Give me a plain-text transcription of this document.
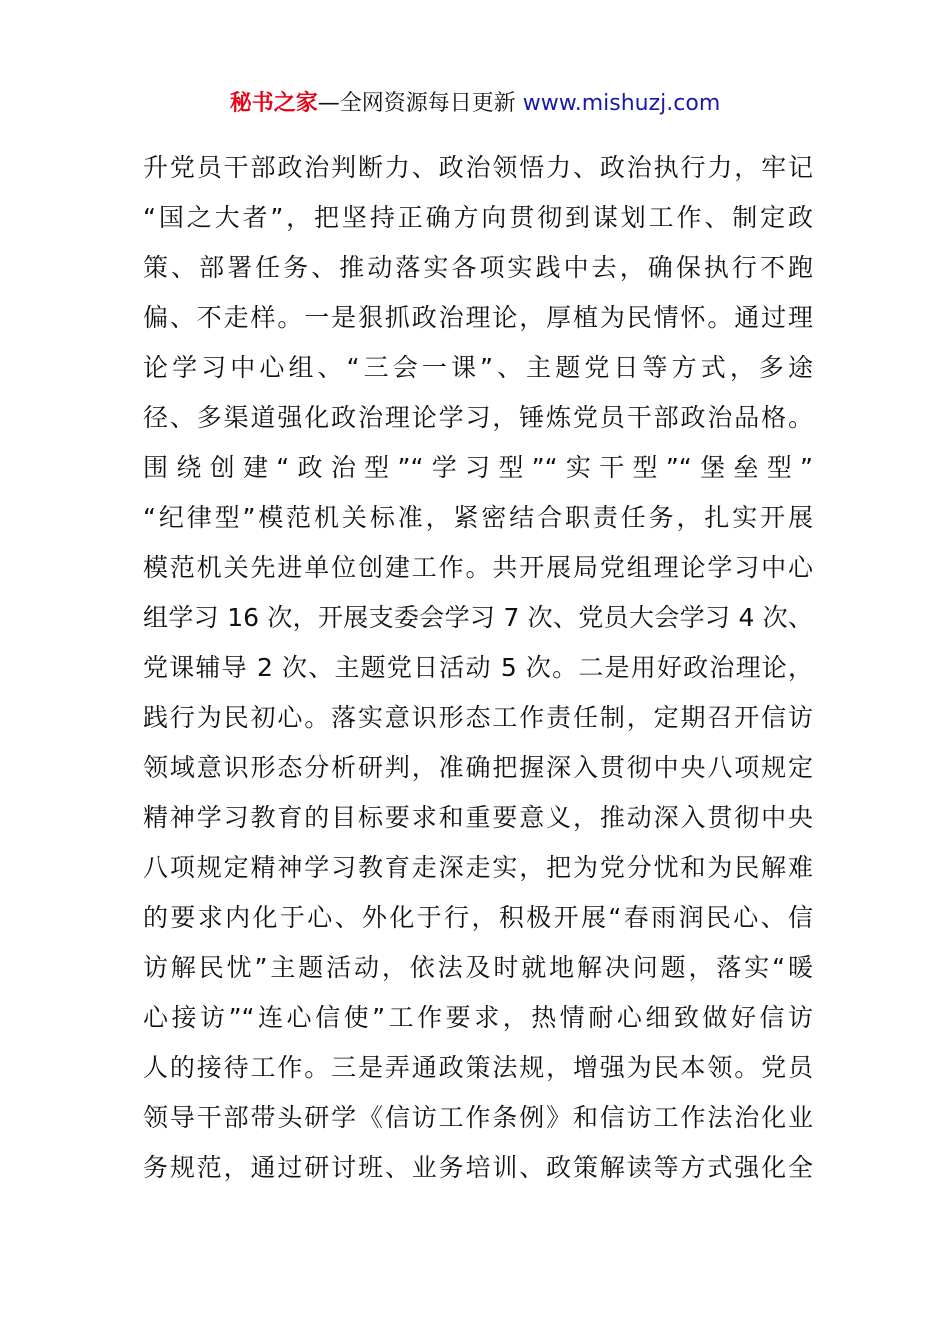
秘书之家—全网资源每日更新 www.mishuzj.com
升党员干部政治判断力、政治领悟力、政治执行力，牢记
“国之大者”，把坚持正确方向贯彻到谋划工作、制定政
策、部署任务、推动落实各项实践中去，确保执行不跑
偏、不走样。一是狠抓政治理论，厚植为民情怀。通过理
论学习中心组、“三会一课”、主题党日等方式，多途
径、多渠道强化政治理论学习，锤炼党员干部政治品格。
围绕创建“政治型”“学习型”“实干型”“堡垒型”
“纪律型”模范机关标准，紧密结合职责任务，扎实开展
模范机关先进单位创建工作。共开展局党组理论学习中心
组学习 16 次，开展支委会学习 7 次、党员大会学习 4 次、
党课辅导 2 次、主题党日活动 5 次。二是用好政治理论，
践行为民初心。落实意识形态工作责任制，定期召开信访
领域意识形态分析研判，准确把握深入贯彻中央八项规定
精神学习教育的目标要求和重要意义，推动深入贯彻中央
八项规定精神学习教育走深走实，把为党分忧和为民解难
的要求内化于心、外化于行，积极开展“春雨润民心、信
访解民忧”主题活动，依法及时就地解决问题，落实“暖
心接访”“连心信使”工作要求，热情耐心细致做好信访
人的接待工作。三是弄通政策法规，增强为民本领。党员
领导干部带头研学《信访工作条例》和信访工作法治化业
务规范，通过研讨班、业务培训、政策解读等方式强化全
